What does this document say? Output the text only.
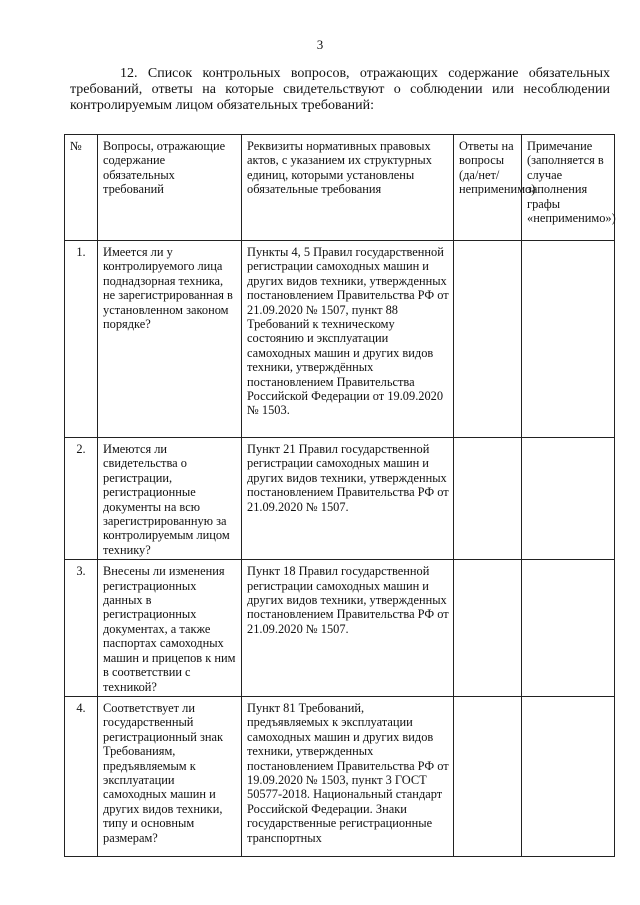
3
12. Список контрольных вопросов, отражающих содержание обязательных требований, ответы на которые свидетельствуют о соблюдении или несоблюдении контролируемым лицом обязательных требований:
№	Вопросы, отражающие содержание обязательных требований	Реквизиты нормативных правовых актов, с указанием их структурных единиц, которыми установлены обязательные требования	Ответы на вопросы (да/нет/неприменимо)	Примечание (заполняется в случае заполнения графы «неприменимо»)
1.	Имеется ли у контролируемого лица поднадзорная техника, не зарегистрированная в установленном законом порядке?	Пункты 4, 5 Правил государственной регистрации самоходных машин и других видов техники, утвержденных постановлением Правительства РФ от 21.09.2020 № 1507, пункт 88 Требований к техническому состоянию и эксплуатации самоходных машин и других видов техники, утверждённых постановлением Правительства Российской Федерации от 19.09.2020 № 1503.		
2.	Имеются ли свидетельства о регистрации, регистрационные документы на всю зарегистрированную за контролируемым лицом технику?	Пункт 21 Правил государственной регистрации самоходных машин и других видов техники, утвержденных постановлением Правительства РФ от 21.09.2020 № 1507.		
3.	Внесены ли изменения регистрационных данных в регистрационных документах, а также паспортах самоходных машин и прицепов к ним в соответствии с техникой?	Пункт 18 Правил государственной регистрации самоходных машин и других видов техники, утвержденных постановлением Правительства РФ от 21.09.2020 № 1507.		
4.	Соответствует ли государственный регистрационный знак Требованиям, предъявляемым к эксплуатации самоходных машин и других видов техники, типу и основным размерам?	Пункт 81 Требований, предъявляемых к эксплуатации самоходных машин и других видов техники, утвержденных постановлением Правительства РФ от 19.09.2020 № 1503, пункт 3 ГОСТ 50577-2018. Национальный стандарт Российской Федерации. Знаки государственные регистрационные транспортных		
